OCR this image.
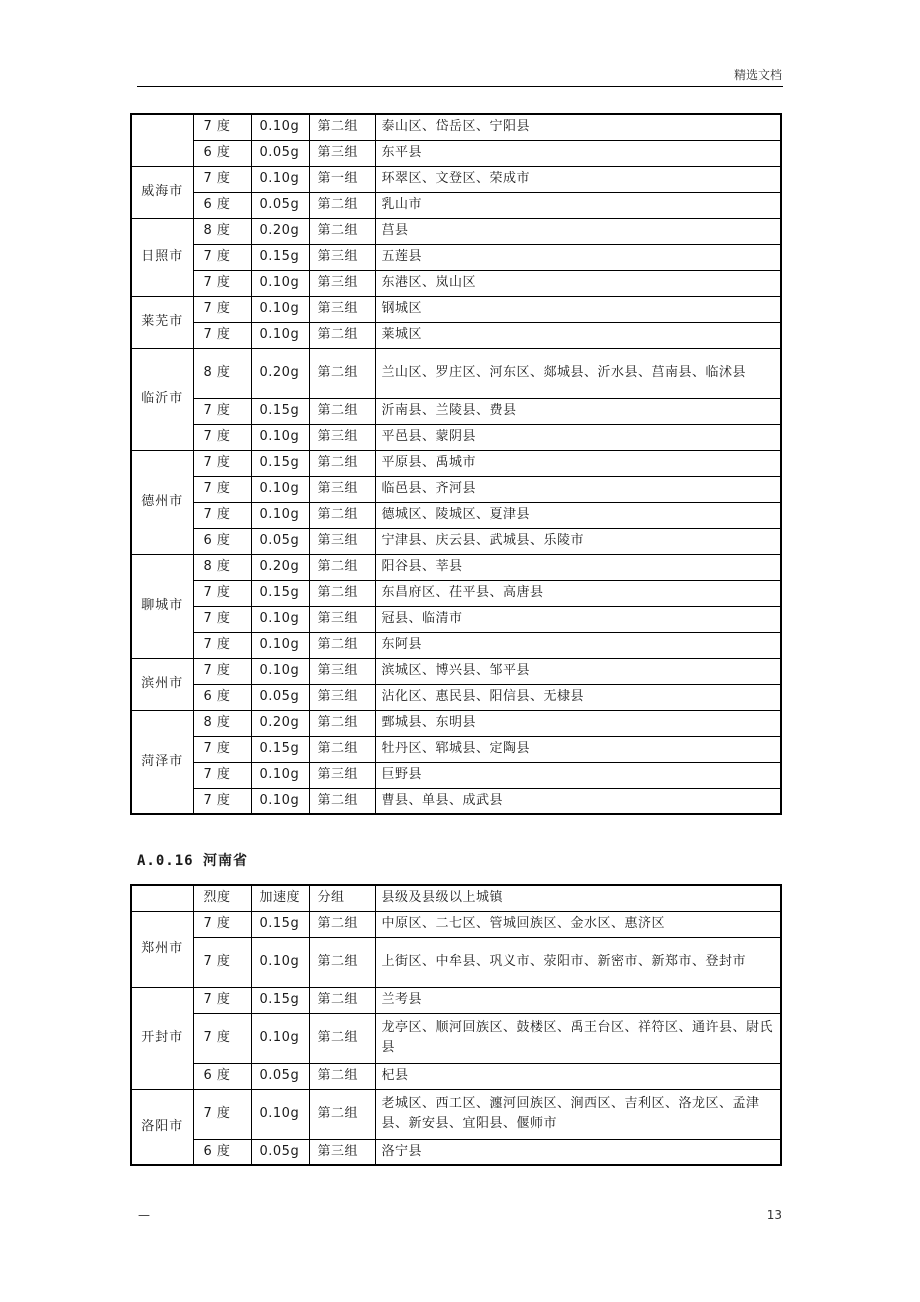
精选文档
	7 度	0.10g	第二组	泰山区、岱岳区、宁阳县
	6 度	0.05g	第三组	东平县
威海市	7 度	0.10g	第一组	环翠区、文登区、荣成市
	6 度	0.05g	第二组	乳山市
日照市	8 度	0.20g	第二组	莒县
	7 度	0.15g	第三组	五莲县
	7 度	0.10g	第三组	东港区、岚山区
莱芜市	7 度	0.10g	第三组	钢城区
	7 度	0.10g	第二组	莱城区
临沂市	8 度	0.20g	第二组	兰山区、罗庄区、河东区、郯城县、沂水县、莒南县、临沭县
	7 度	0.15g	第二组	沂南县、兰陵县、费县
	7 度	0.10g	第三组	平邑县、蒙阴县
德州市	7 度	0.15g	第二组	平原县、禹城市
	7 度	0.10g	第三组	临邑县、齐河县
	7 度	0.10g	第二组	德城区、陵城区、夏津县
	6 度	0.05g	第三组	宁津县、庆云县、武城县、乐陵市
聊城市	8 度	0.20g	第二组	阳谷县、莘县
	7 度	0.15g	第二组	东昌府区、茌平县、高唐县
	7 度	0.10g	第三组	冠县、临清市
	7 度	0.10g	第二组	东阿县
滨州市	7 度	0.10g	第三组	滨城区、博兴县、邹平县
	6 度	0.05g	第三组	沾化区、惠民县、阳信县、无棣县
菏泽市	8 度	0.20g	第二组	鄄城县、东明县
	7 度	0.15g	第二组	牡丹区、郓城县、定陶县
	7 度	0.10g	第三组	巨野县
	7 度	0.10g	第二组	曹县、单县、成武县
A.0.16 河南省
	烈度	加速度	分组	县级及县级以上城镇
郑州市	7 度	0.15g	第二组	中原区、二七区、管城回族区、金水区、惠济区
	7 度	0.10g	第二组	上街区、中牟县、巩义市、荥阳市、新密市、新郑市、登封市
开封市	7 度	0.15g	第二组	兰考县
	7 度	0.10g	第二组	龙亭区、顺河回族区、鼓楼区、禹王台区、祥符区、通许县、尉氏县
	6 度	0.05g	第二组	杞县
洛阳市	7 度	0.10g	第二组	老城区、西工区、瀍河回族区、涧西区、吉利区、洛龙区、孟津县、新安县、宜阳县、偃师市
	6 度	0.05g	第三组	洛宁县
—	13
